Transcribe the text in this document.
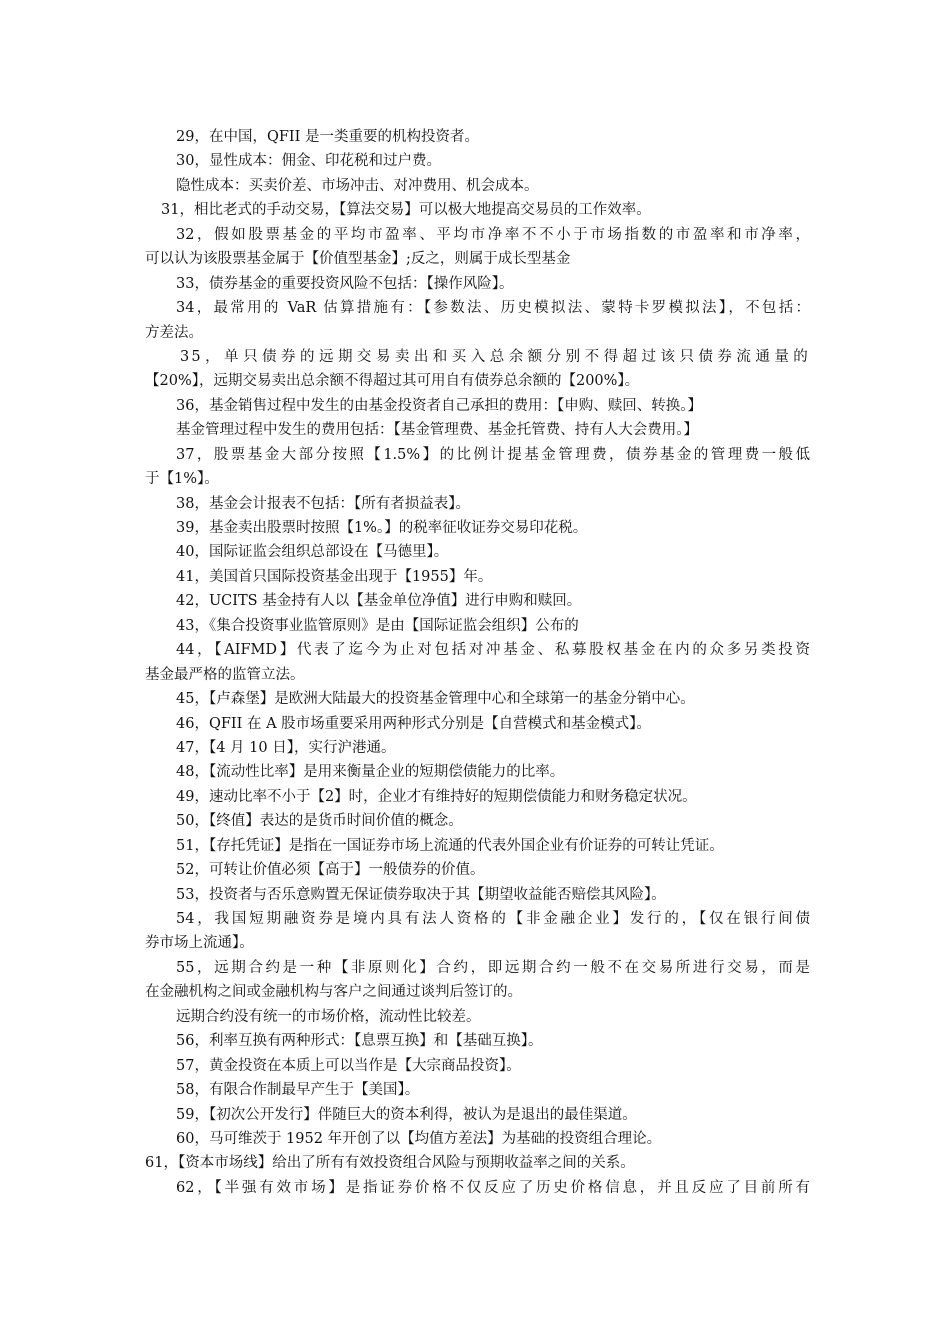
29，在中国，QFII 是一类重要的机构投资者。
30，显性成本：佣金、印花税和过户费。
隐性成本：买卖价差、市场冲击、对冲费用、机会成本。
31，相比老式的手动交易，【算法交易】可以极大地提高交易员的工作效率。
32，假如股票基金的平均市盈率、平均市净率不不小于市场指数的市盈率和市净率，
可以认为该股票基金属于【价值型基金】;反之，则属于成长型基金
33，债券基金的重要投资风险不包括：【操作风险】。
34，最常用的 VaR 估算措施有：【参数法、历史模拟法、蒙特卡罗模拟法】，不包括：
方差法。
35，单只债券的远期交易卖出和买入总余额分别不得超过该只债券流通量的
【20%】，远期交易卖出总余额不得超过其可用自有债券总余额的【200%】。
36，基金销售过程中发生的由基金投资者自己承担的费用：【申购、赎回、转换。】
基金管理过程中发生的费用包括：【基金管理费、基金托管费、持有人大会费用。】
37，股票基金大部分按照【1.5%】的比例计提基金管理费，债券基金的管理费一般低
于【1%】。
38，基金会计报表不包括：【所有者损益表】。
39，基金卖出股票时按照【1%。】的税率征收证券交易印花税。
40，国际证监会组织总部设在【马德里】。
41，美国首只国际投资基金出现于【1955】年。
42，UCITS 基金持有人以【基金单位净值】进行申购和赎回。
43，《集合投资事业监管原则》是由【国际证监会组织】公布的
44，【AIFMD】代表了迄今为止对包括对冲基金、私募股权基金在内的众多另类投资
基金最严格的监管立法。
45，【卢森堡】是欧洲大陆最大的投资基金管理中心和全球第一的基金分销中心。
46，QFII 在 A 股市场重要采用两种形式分别是【自营模式和基金模式】。
47，【4 月 10 日】，实行沪港通。
48，【流动性比率】是用来衡量企业的短期偿债能力的比率。
49，速动比率不小于【2】时，企业才有维持好的短期偿债能力和财务稳定状况。
50，【终值】表达的是货币时间价值的概念。
51，【存托凭证】是指在一国证券市场上流通的代表外国企业有价证券的可转让凭证。
52，可转让价值必须【高于】一般债券的价值。
53，投资者与否乐意购置无保证债券取决于其【期望收益能否赔偿其风险】。
54，我国短期融资券是境内具有法人资格的【非金融企业】发行的，【仅在银行间债
券市场上流通】。
55，远期合约是一种【非原则化】合约，即远期合约一般不在交易所进行交易，而是
在金融机构之间或金融机构与客户之间通过谈判后签订的。
远期合约没有统一的市场价格，流动性比较差。
56，利率互换有两种形式：【息票互换】和【基础互换】。
57，黄金投资在本质上可以当作是【大宗商品投资】。
58，有限合作制最早产生于【美国】。
59，【初次公开发行】伴随巨大的资本利得，被认为是退出的最佳渠道。
60，马可维茨于 1952 年开创了以【均值方差法】为基础的投资组合理论。
61，【资本市场线】给出了所有有效投资组合风险与预期收益率之间的关系。
62，【半强有效市场】是指证券价格不仅反应了历史价格信息，并且反应了目前所有
